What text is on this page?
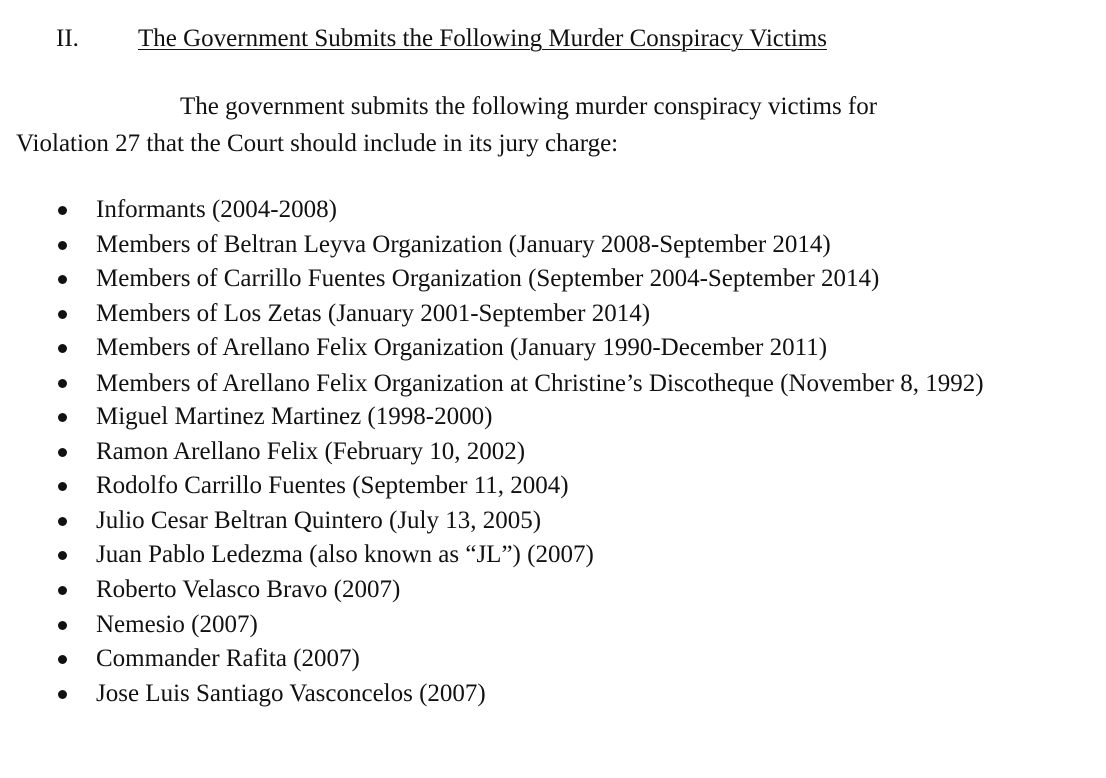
II. The Government Submits the Following Murder Conspiracy Victims
The government submits the following murder conspiracy victims for
Violation 27 that the Court should include in its jury charge:
Informants (2004-2008)
Members of Beltran Leyva Organization (January 2008-September 2014)
Members of Carrillo Fuentes Organization (September 2004-September 2014)
Members of Los Zetas (January 2001-September 2014)
Members of Arellano Felix Organization (January 1990-December 2011)
Members of Arellano Felix Organization at Christine’s Discotheque (November 8, 1992)
Miguel Martinez Martinez (1998-2000)
Ramon Arellano Felix (February 10, 2002)
Rodolfo Carrillo Fuentes (September 11, 2004)
Julio Cesar Beltran Quintero (July 13, 2005)
Juan Pablo Ledezma (also known as “JL”) (2007)
Roberto Velasco Bravo (2007)
Nemesio (2007)
Commander Rafita (2007)
Jose Luis Santiago Vasconcelos (2007)
